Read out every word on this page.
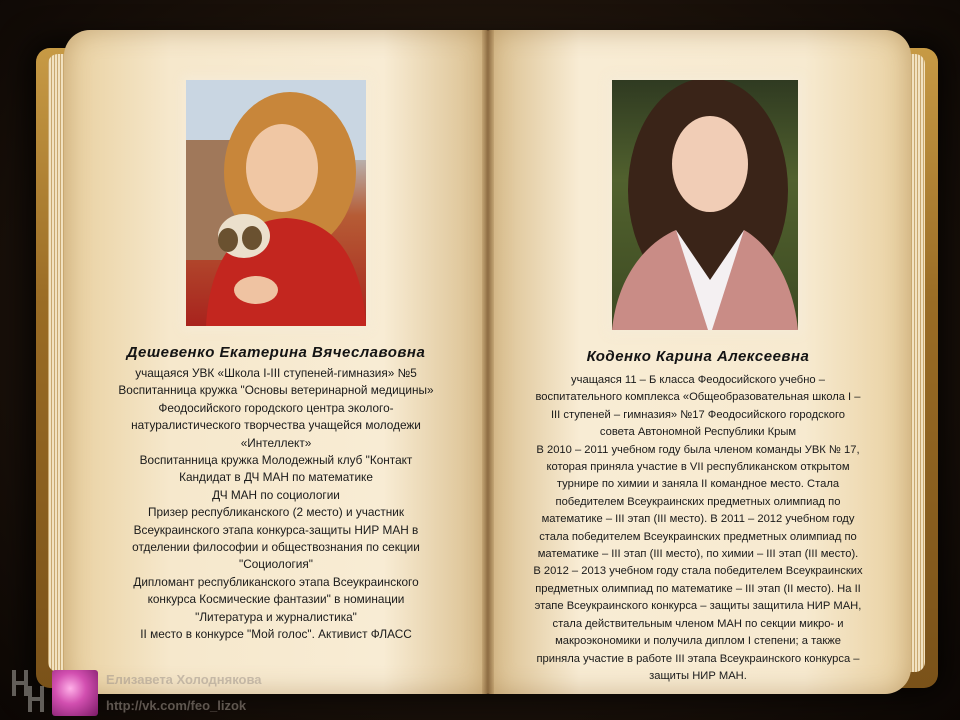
Дешевенко Екатерина Вячеславовна

учащаяся УВК «Школа І-ІІІ ступеней-гимназия» №5
Воспитанница кружка "Основы ветеринарной медицины»
Феодосийского городского центра эколого-
натуралистического творчества учащейся молодежи
«Интеллект»
Воспитанница кружка Молодежный клуб "Контакт
Кандидат в ДЧ МАН по математике
ДЧ МАН по социологии
Призер республиканского (2 место) и участник
Всеукраинского этапа конкурса-защиты НИР МАН в
отделении философии и обществознания по секции
"Социология"
Дипломант республиканского этапа Всеукраинского
конкурса Космические фантазии" в номинации
"Литература и журналистика"
II место в конкурсе "Мой голос". Активист ФЛАСС

Коденко Карина Алексеевна

учащаяся 11 – Б класса Феодосийского учебно –
воспитательного комплекса «Общеобразовательная школа I –
III ступеней – гимназия» №17 Феодосийского городского
совета Автономной Республики Крым
В 2010 – 2011 учебном году была членом команды УВК № 17,
которая приняла участие в VII республиканском открытом
турнире по химии и заняла II командное место. Стала
победителем Всеукраинских предметных олимпиад по
математике – III этап (III место). В 2011 – 2012 учебном году
стала победителем Всеукраинских предметных олимпиад по
математике – III этап (III место), по химии – III этап (III место).
В 2012 – 2013 учебном году стала победителем Всеукраинских
предметных олимпиад по математике – III этап (II место). На II
этапе Всеукраинского конкурса – защиты защитила НИР МАН,
стала действительным членом МАН по секции микро- и
макроэкономики и получила диплом I степени; а также
приняла участие в работе III этапа Всеукраинского конкурса –
защиты НИР МАН.
Елизавета Холоднякова
http://vk.com/feo_lizok
